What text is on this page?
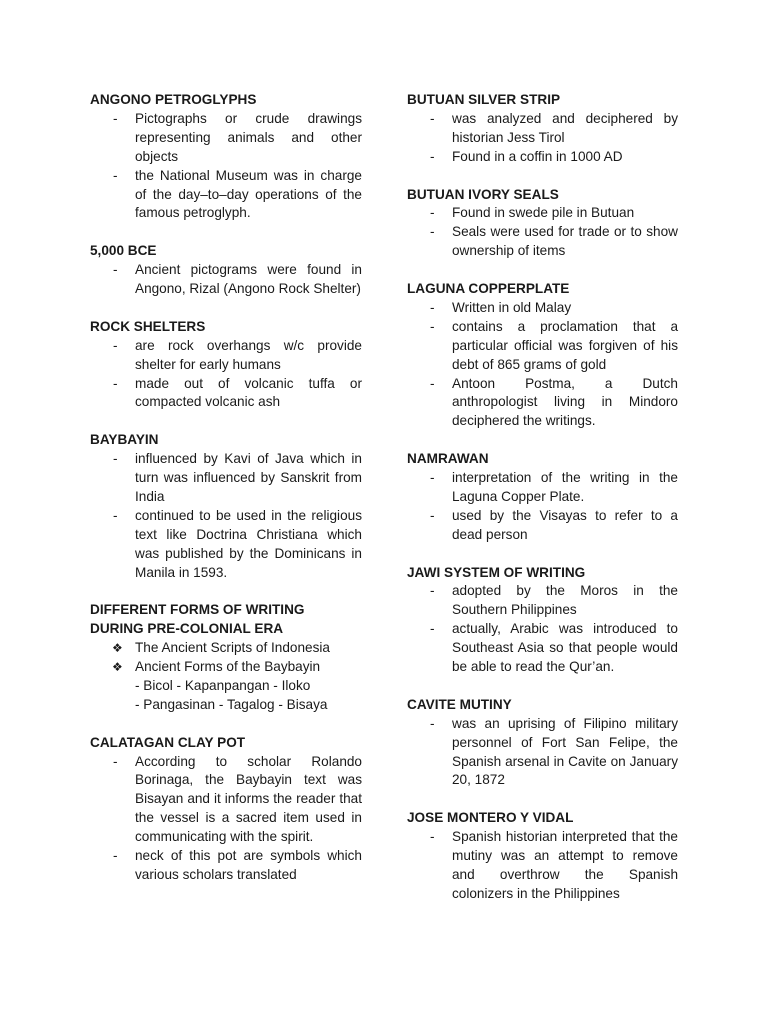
ANGONO PETROGLYPHS
-	Pictographs or crude drawings representing animals and other objects
-	the National Museum was in charge of the day–to–day operations of the famous petroglyph.
5,000 BCE
-	Ancient pictograms were found in Angono, Rizal (Angono Rock Shelter)
ROCK SHELTERS
-	are rock overhangs w/c provide shelter for early humans
-	made out of volcanic tuffa or compacted volcanic ash
BAYBAYIN
-	influenced by Kavi of Java which in turn was influenced by Sanskrit from India
-	continued to be used in the religious text like Doctrina Christiana which was published by the Dominicans in Manila in 1593.
DIFFERENT FORMS OF WRITING
DURING PRE-COLONIAL ERA
❖ The Ancient Scripts of Indonesia
❖ Ancient Forms of the Baybayin
- Bicol - Kapanpangan - Iloko
- Pangasinan - Tagalog - Bisaya
CALATAGAN CLAY POT
-	According to scholar Rolando Borinaga, the Baybayin text was Bisayan and it informs the reader that the vessel is a sacred item used in communicating with the spirit.
-	neck of this pot are symbols which various scholars translated
BUTUAN SILVER STRIP
-	was analyzed and deciphered by historian Jess Tirol
-	Found in a coffin in 1000 AD
BUTUAN IVORY SEALS
-	Found in swede pile in Butuan
-	Seals were used for trade or to show ownership of items
LAGUNA COPPERPLATE
-	Written in old Malay
-	contains a proclamation that a particular official was forgiven of his debt of 865 grams of gold
-	Antoon Postma, a Dutch anthropologist living in Mindoro deciphered the writings.
NAMRAWAN
-	interpretation of the writing in the Laguna Copper Plate.
-	used by the Visayas to refer to a dead person
JAWI SYSTEM OF WRITING
-	adopted by the Moros in the Southern Philippines
-	actually, Arabic was introduced to Southeast Asia so that people would be able to read the Qur’an.
CAVITE MUTINY
-	was an uprising of Filipino military personnel of Fort San Felipe, the Spanish arsenal in Cavite on January 20, 1872
JOSE MONTERO Y VIDAL
-	Spanish historian interpreted that the mutiny was an attempt to remove and overthrow the Spanish colonizers in the Philippines
